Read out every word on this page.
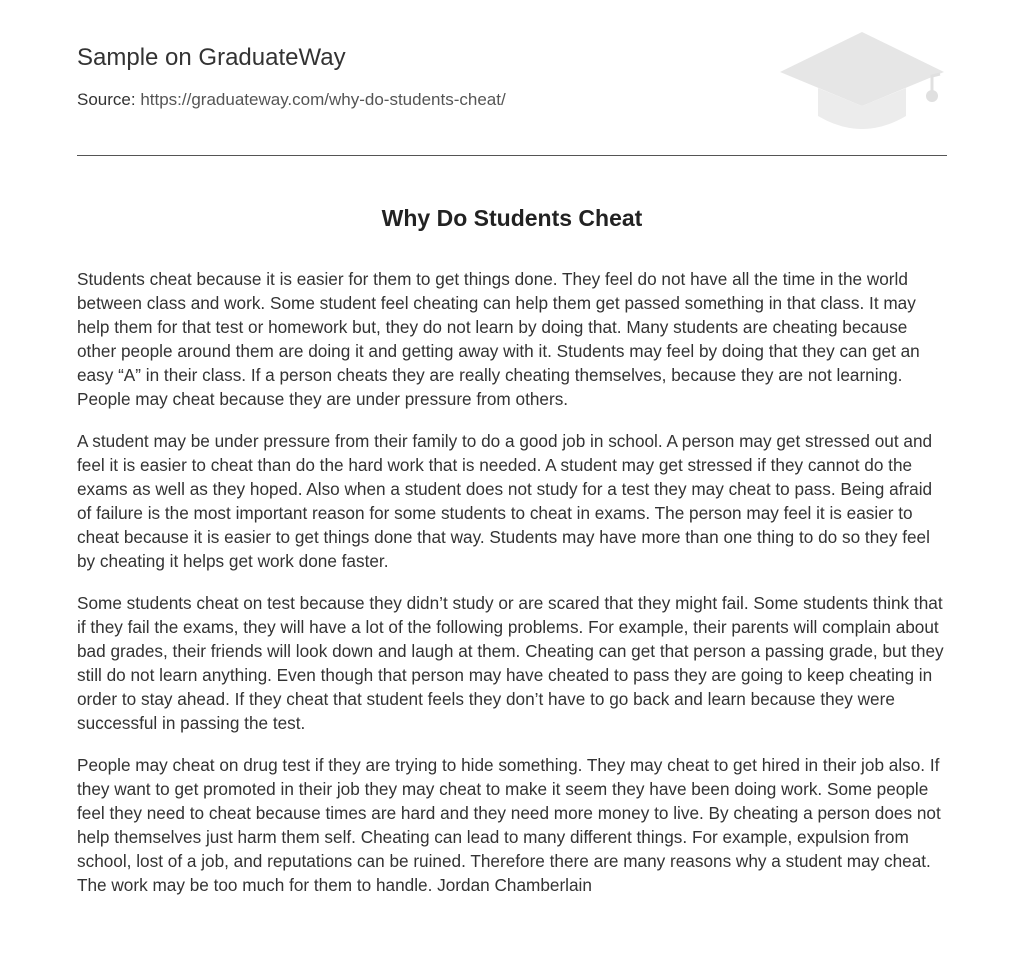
Sample on GraduateWay
Source: https://graduateway.com/why-do-students-cheat/
Why Do Students Cheat

Students cheat because it is easier for them to get things done. They feel do not have all the time in the world between class and work. Some student feel cheating can help them get passed something in that class. It may help them for that test or homework but, they do not learn by doing that. Many students are cheating because other people around them are doing it and getting away with it. Students may feel by doing that they can get an easy “A” in their class. If a person cheats they are really cheating themselves, because they are not learning. People may cheat because they are under pressure from others.

A student may be under pressure from their family to do a good job in school. A person may get stressed out and feel it is easier to cheat than do the hard work that is needed. A student may get stressed if they cannot do the exams as well as they hoped. Also when a student does not study for a test they may cheat to pass. Being afraid of failure is the most important reason for some students to cheat in exams. The person may feel it is easier to cheat because it is easier to get things done that way. Students may have more than one thing to do so they feel by cheating it helps get work done faster.

Some students cheat on test because they didn’t study or are scared that they might fail. Some students think that if they fail the exams, they will have a lot of the following problems. For example, their parents will complain about bad grades, their friends will look down and laugh at them. Cheating can get that person a passing grade, but they still do not learn anything. Even though that person may have cheated to pass they are going to keep cheating in order to stay ahead. If they cheat that student feels they don’t have to go back and learn because they were successful in passing the test.

People may cheat on drug test if they are trying to hide something. They may cheat to get hired in their job also. If they want to get promoted in their job they may cheat to make it seem they have been doing work. Some people feel they need to cheat because times are hard and they need more money to live. By cheating a person does not help themselves just harm them self. Cheating can lead to many different things. For example, expulsion from school, lost of a job, and reputations can be ruined. Therefore there are many reasons why a student may cheat. The work may be too much for them to handle. Jordan Chamberlain
